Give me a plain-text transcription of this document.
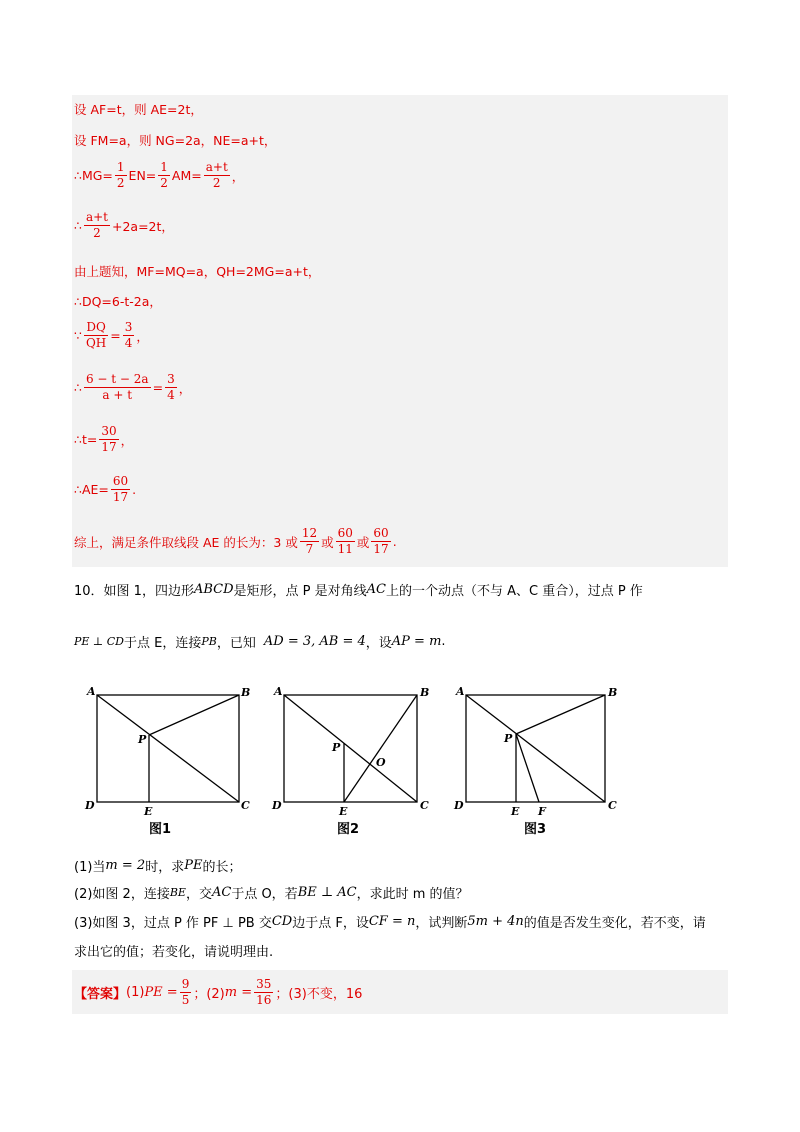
设 AF=t，则 AE=2t，
设 FM=a，则 NG=2a，NE=a+t，
∴MG= $\frac{1}{2} EN= \frac{1}{2} AM= \frac{a+t}{2}$ ，
∴ $\frac{a+t}{2} +2a=2t$，
由上题知，MF=MQ=a，QH=2MG=a+t，
∴DQ=6-t-2a，
∵ $\frac{DQ}{QH} = \frac{3}{4}$ ，
∴ $\frac{6 - t - 2a}{a + t} = \frac{3}{4}$ ，
∴t= $\frac{30}{17}$ ，
∴AE= $\frac{60}{17}$ .
综上，满足条件取线段 AE 的长为：3 或 $\frac{12}{7}$ 或 $\frac{60}{11}$ 或 $\frac{60}{17}$ .
10．如图 1，四边形 ABCD 是矩形，点 P 是对角线 AC 上的一个动点（不与 A、C 重合），过点 P 作
PE ⊥ CD 于点 E，连接 PB ，已知 AD = 3, AB = 4 ，设 AP = m .
A	B
C
D	E
P
图1
A	B
C
D	E
P
O
图2
A	B
C
D	E F
P
图3
(1)当 m = 2 时，求 PE 的长；
(2)如图 2，连接 BE ，交 AC 于点 O，若 BE ⊥ AC ，求此时 m 的值？
(3)如图 3，过点 P 作 PF ⊥ PB 交 CD 边于点 F，设 CF = n ，试判断 5m + 4n 的值是否发生变化，若不变，请
求出它的值；若变化，请说明理由.
【答案】 (1) PE = $\frac{9}{5}$ ；(2) $m = \frac{35}{16}$ ；(3)不变，16
